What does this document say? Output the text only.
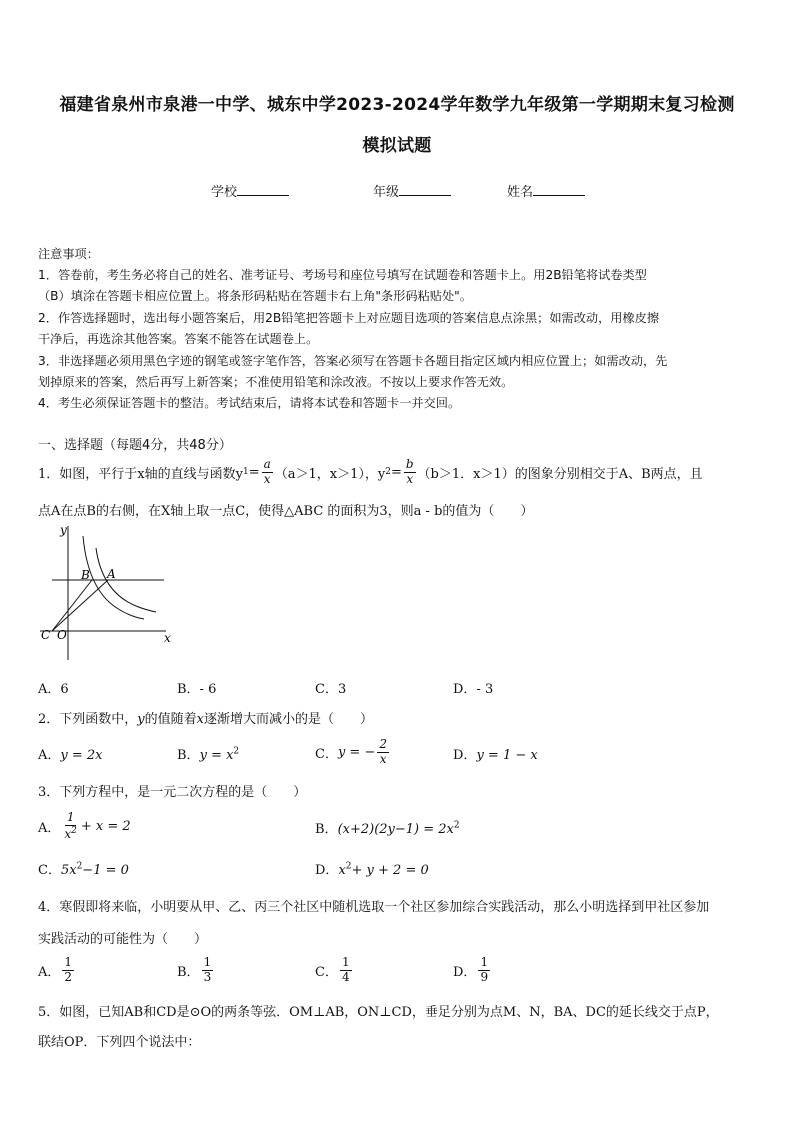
福建省泉州市泉港一中学、城东中学2023-2024学年数学九年级第一学期期末复习检测
模拟试题
学校	年级	姓名
注意事项：
1．答卷前，考生务必将自己的姓名、准考证号、考场号和座位号填写在试题卷和答题卡上。用2B铅笔将试卷类型
（B）填涂在答题卡相应位置上。将条形码粘贴在答题卡右上角"条形码粘贴处"。
2．作答选择题时，选出每小题答案后，用2B铅笔把答题卡上对应题目选项的答案信息点涂黑；如需改动，用橡皮擦
干净后，再选涂其他答案。答案不能答在试题卷上。
3．非选择题必须用黑色字迹的钢笔或签字笔作答，答案必须写在答题卡各题目指定区域内相应位置上；如需改动，先
划掉原来的答案，然后再写上新答案；不准使用铅笔和涂改液。不按以上要求作答无效。
4．考生必须保证答题卡的整洁。考试结束后，请将本试卷和答题卡一并交回。
一、选择题（每题4分，共48分）
1．如图，平行于x轴的直线与函数y $1 = \frac{a}{x} (a>1$，x＞1），y $2 = \frac{b}{x} (b>1$．x＞1）的图象分别相交于A、B两点，且
点A在点B的右侧，在X轴上取一点C，使得△ABC 的面积为3，则a - b的值为（　　）
y
x
B A
C O
A．6	B．- 6	C．3	D．- 3
2．下列函数中，y的值随着x逐渐增大而减小的是（　　）
A．y = 2x	B．$y = x^2$	C． y = − $\frac{2}{x}$	D．y = 1 − x
3．下列方程中，是一元二次方程的是（　　）
A． $\frac{1}{x^2} + x = 2$	B．$(x+2)(2y-1) = 2x^2$
C．$5x^2-1 = 0$	D．$x^2+ y + 2 = 0$
4．寒假即将来临，小明要从甲、乙、丙三个社区中随机选取一个社区参加综合实践活动，那么小明选择到甲社区参加
实践活动的可能性为（　　）
A． $\frac{1}{2}$	B． $\frac{1}{3}$	C． $\frac{1}{4}$	D． $\frac{1}{9}$
5．如图，已知AB和CD是⊙O的两条等弦．OM⊥AB，ON⊥CD，垂足分别为点M、N，BA、DC的延长线交于点P，
联结OP．下列四个说法中：
